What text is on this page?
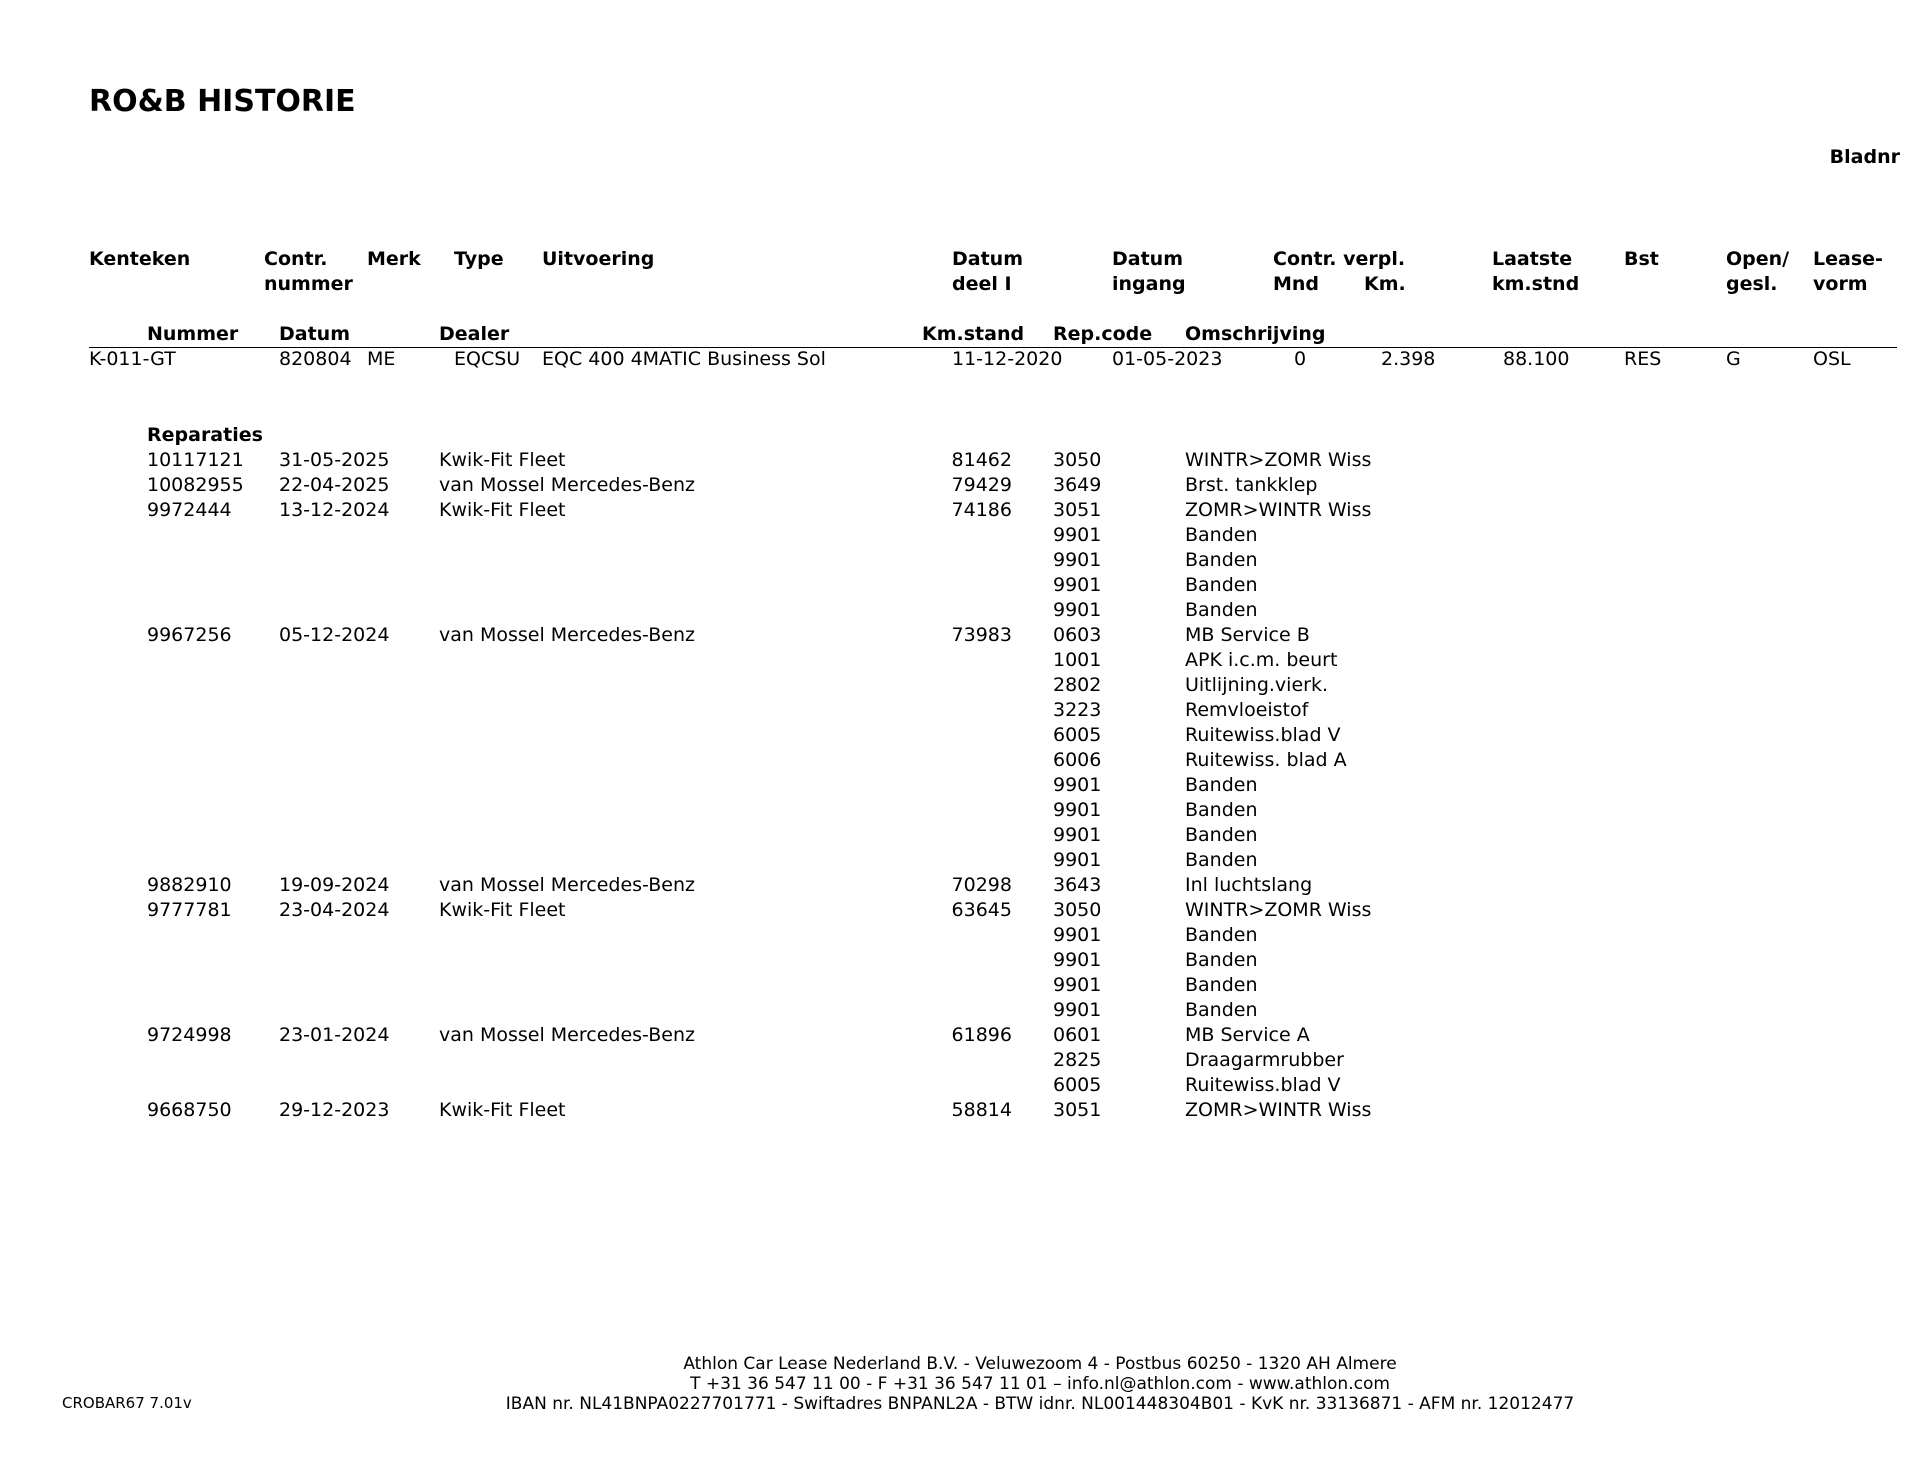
RO&B HISTORIE
Bladnr
Kenteken	Contr.
nummer
Merk Type Uitvoering	Datum
deel I
Datum
ingang
Contr. verpl.
Mnd Km.
Laatste
km.stnd
Bst	Open/
gesl.
Lease-
vorm
Nummer Datum	Dealer	Km.stand Rep.code Omschrijving
K-011-GT	820804 ME	EQCSU EQC 400 4MATIC Business Sol	11-12-2020	01-05-2023	0	2.398	88.100	RES	G	OSL
Reparaties
10117121 31-05-2025	Kwik-Fit Fleet	81462 3050	WINTR>ZOMR Wiss
10082955 22-04-2025	van Mossel Mercedes-Benz	79429 3649	Brst. tankklep
9972444 13-12-2024	Kwik-Fit Fleet	74186 3051	ZOMR>WINTR Wiss
9901	Banden
9901	Banden
9901	Banden
9901	Banden
9967256 05-12-2024	van Mossel Mercedes-Benz	73983 0603	MB Service B
1001	APK i.c.m. beurt
2802	Uitlijning.vierk.
3223	Remvloeistof
6005	Ruitewiss.blad V
6006	Ruitewiss. blad A
9901	Banden
9901	Banden
9901	Banden
9901	Banden
9882910 19-09-2024	van Mossel Mercedes-Benz	70298 3643	Inl luchtslang
9777781 23-04-2024	Kwik-Fit Fleet	63645 3050	WINTR>ZOMR Wiss
9901	Banden
9901	Banden
9901	Banden
9901	Banden
9724998 23-01-2024	van Mossel Mercedes-Benz	61896 0601	MB Service A
2825	Draagarmrubber
6005	Ruitewiss.blad V
9668750 29-12-2023	Kwik-Fit Fleet	58814 3051	ZOMR>WINTR Wiss
Athlon Car Lease Nederland B.V. - Veluwezoom 4 - Postbus 60250 - 1320 AH Almere
T +31 36 547 11 00 - F +31 36 547 11 01 – info.nl@athlon.com - www.athlon.com
IBAN nr. NL41BNPA0227701771 - Swiftadres BNPANL2A - BTW idnr. NL001448304B01 - KvK nr. 33136871 - AFM nr. 12012477
CROBAR67 7.01v
